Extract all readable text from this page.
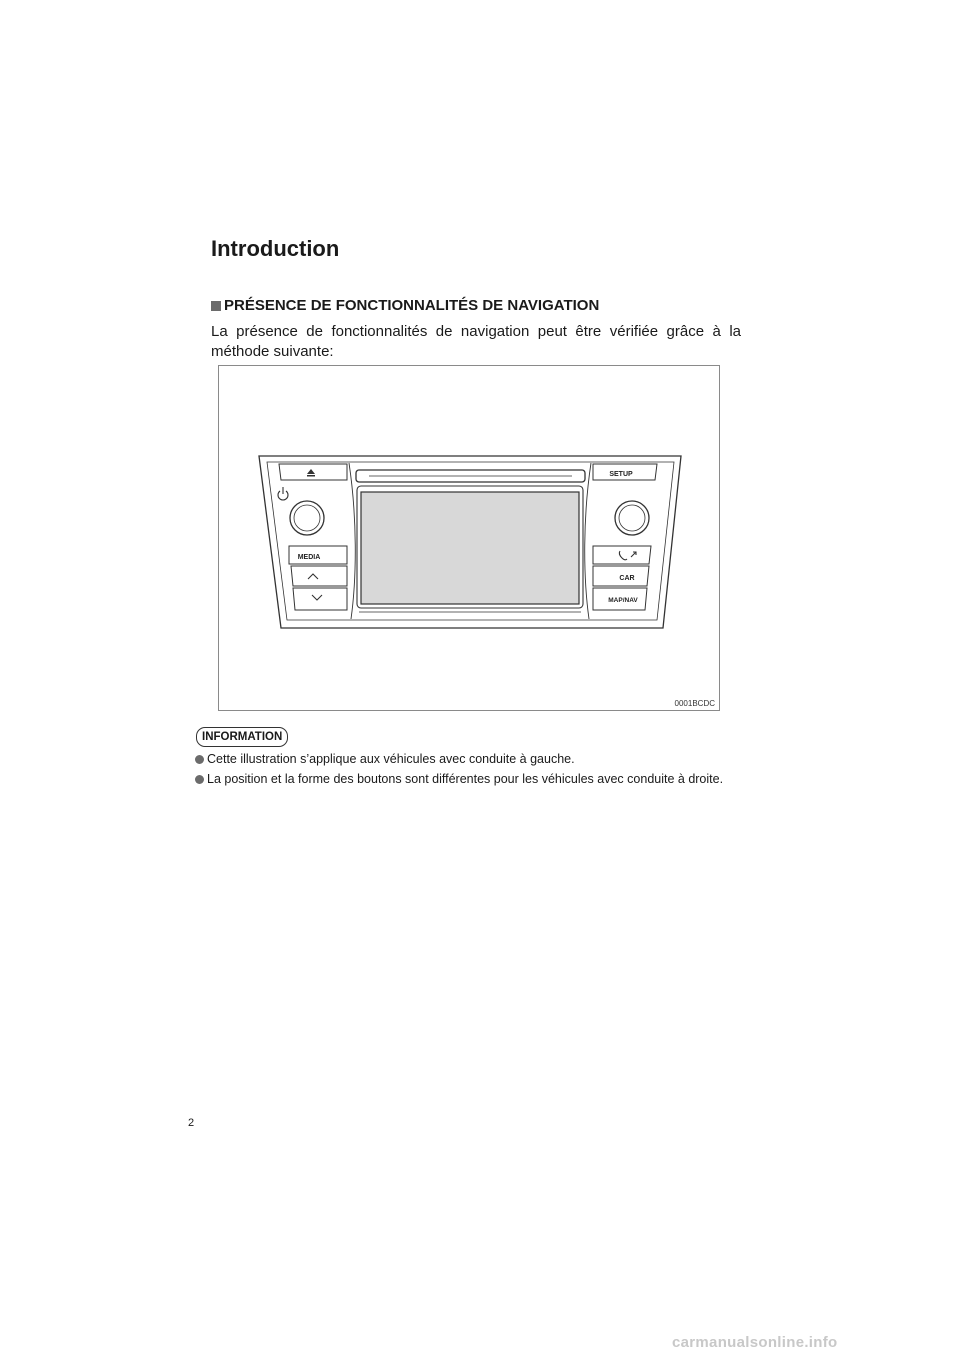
Introduction
PRÉSENCE DE FONCTIONNALITÉS DE NAVIGATION

La présence de fonctionnalités de navigation peut être vérifiée grâce à la méthode suivante:

SETUP
MEDIA
CAR
MAP/NAV
0001BCDC
INFORMATION
Cette illustration s’applique aux véhicules avec conduite à gauche.
La position et la forme des boutons sont différentes pour les véhicules avec conduite à droite.
2
carmanualsonline.info
